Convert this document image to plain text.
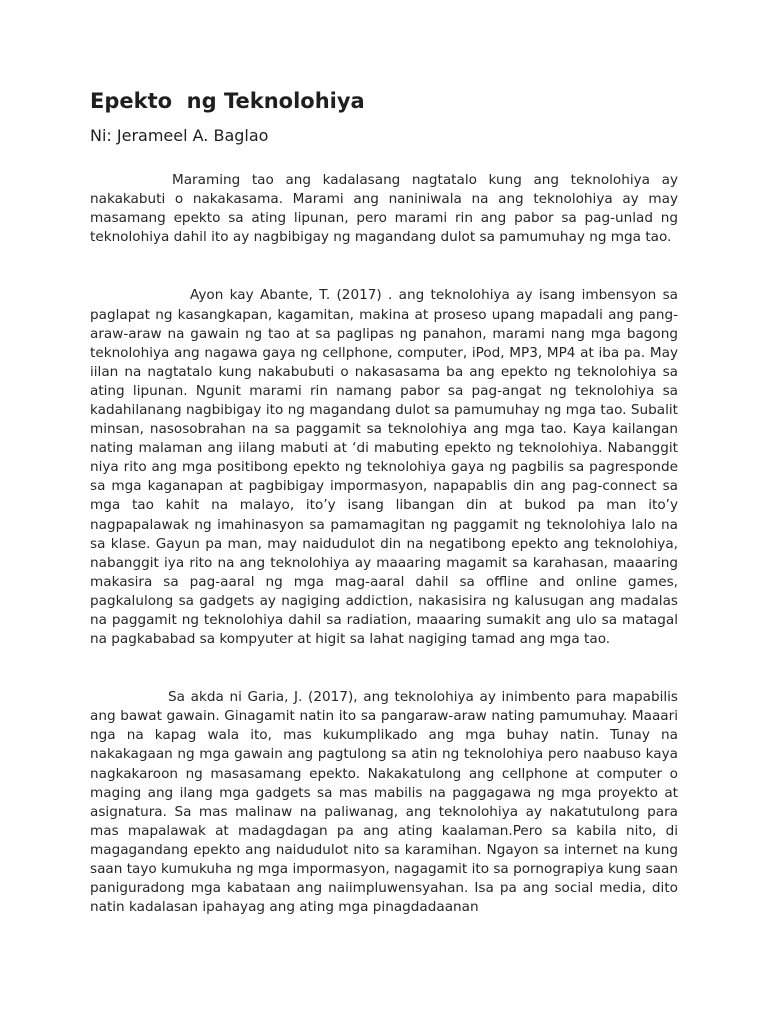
Epekto  ng Teknolohiya
Ni: Jerameel A. Baglao

Maraming tao ang kadalasang nagtatalo kung ang teknolohiya ay nakakabuti o nakakasama. Marami ang naniniwala na ang teknolohiya ay may masamang epekto sa ating lipunan, pero marami rin ang pabor sa pag-unlad ng teknolohiya dahil ito ay nagbibigay ng magandang dulot sa pamumuhay ng mga tao.

Ayon kay Abante, T. (2017) . ang teknolohiya ay isang imbensyon sa paglapat ng kasangkapan, kagamitan, makina at proseso upang mapadali ang pang-araw-araw na gawain ng tao at sa paglipas ng panahon, marami nang mga bagong teknolohiya ang nagawa gaya ng cellphone, computer, iPod, MP3, MP4 at iba pa. May iilan na nagtatalo kung nakabubuti o nakasasama ba ang epekto ng teknolohiya sa ating lipunan. Ngunit marami rin namang pabor sa pag-angat ng teknolohiya sa kadahilanang nagbibigay ito ng magandang dulot sa pamumuhay ng mga tao. Subalit minsan, nasosobrahan na sa paggamit sa teknolohiya ang mga tao. Kaya kailangan nating malaman ang iilang mabuti at ‘di mabuting epekto ng teknolohiya. Nabanggit niya rito ang mga positibong epekto ng teknolohiya gaya ng pagbilis sa pagresponde sa mga kaganapan at pagbibigay impormasyon, napapablis din ang pag-connect sa mga tao kahit na malayo, ito’y isang libangan din at bukod pa man ito’y nagpapalawak ng imahinasyon sa pamamagitan ng paggamit ng teknolohiya lalo na sa klase. Gayun pa man, may naidudulot din na negatibong epekto ang teknolohiya, nabanggit iya rito na ang teknolohiya ay maaaring magamit sa karahasan, maaaring makasira sa pag-aaral ng mga mag-aaral dahil sa offline and online games, pagkalulong sa gadgets ay nagiging addiction, nakasisira ng kalusugan ang madalas na paggamit ng teknolohiya dahil sa radiation, maaaring sumakit ang ulo sa matagal na pagkababad sa kompyuter at higit sa lahat nagiging tamad ang mga tao.

Sa akda ni Garia, J. (2017), ang teknolohiya ay inimbento para mapabilis ang bawat gawain. Ginagamit natin ito sa pangaraw-araw nating pamumuhay. Maaari nga na kapag wala ito, mas kukumplikado ang mga buhay natin. Tunay na nakakagaan ng mga gawain ang pagtulong sa atin ng teknolohiya pero naabuso kaya nagkakaroon ng masasamang epekto. Nakakatulong ang cellphone at computer o maging ang ilang mga gadgets sa mas mabilis na paggagawa ng mga proyekto at asignatura. Sa mas malinaw na paliwanag, ang teknolohiya ay nakatutulong para mas mapalawak at madagdagan pa ang ating kaalaman.Pero sa kabila nito, di magagandang epekto ang naidudulot nito sa karamihan. Ngayon sa internet na kung saan tayo kumukuha ng mga impormasyon, nagagamit ito sa pornograpiya kung saan paniguradong mga kabataan ang naiimpluwensyahan. Isa pa ang social media, dito natin kadalasan ipahayag ang ating mga pinagdadaanan
